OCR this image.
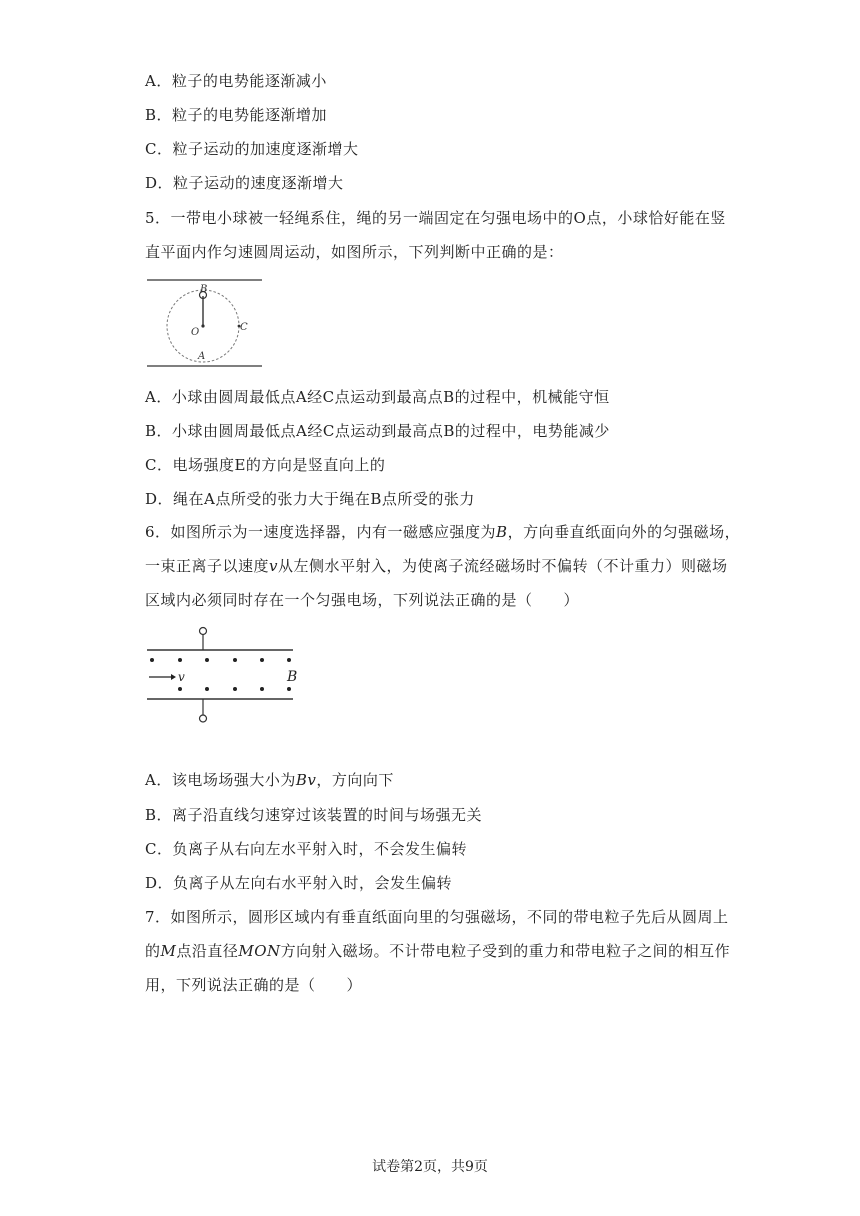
A．粒子的电势能逐渐减小
B．粒子的电势能逐渐增加
C．粒子运动的加速度逐渐增大
D．粒子运动的速度逐渐增大
5．一带电小球被一轻绳系住，绳的另一端固定在匀强电场中的O点，小球恰好能在竖
直平面内作匀速圆周运动，如图所示，下列判断中正确的是：
B
O	C
A
A．小球由圆周最低点A经C点运动到最高点B的过程中，机械能守恒
B．小球由圆周最低点A经C点运动到最高点B的过程中，电势能减少
C．电场强度E的方向是竖直向上的
D．绳在A点所受的张力大于绳在B点所受的张力
6．如图所示为一速度选择器，内有一磁感应强度为B，方向垂直纸面向外的匀强磁场，
一束正离子以速度v从左侧水平射入，为使离子流经磁场时不偏转（不计重力）则磁场
区域内必须同时存在一个匀强电场，下列说法正确的是（　　）
v	B
A．该电场场强大小为Bv，方向向下
B．离子沿直线匀速穿过该装置的时间与场强无关
C．负离子从右向左水平射入时，不会发生偏转
D．负离子从左向右水平射入时，会发生偏转
7．如图所示，圆形区域内有垂直纸面向里的匀强磁场，不同的带电粒子先后从圆周上
的M点沿直径MON方向射入磁场。不计带电粒子受到的重力和带电粒子之间的相互作
用，下列说法正确的是（　　）
试卷第2页，共9页
